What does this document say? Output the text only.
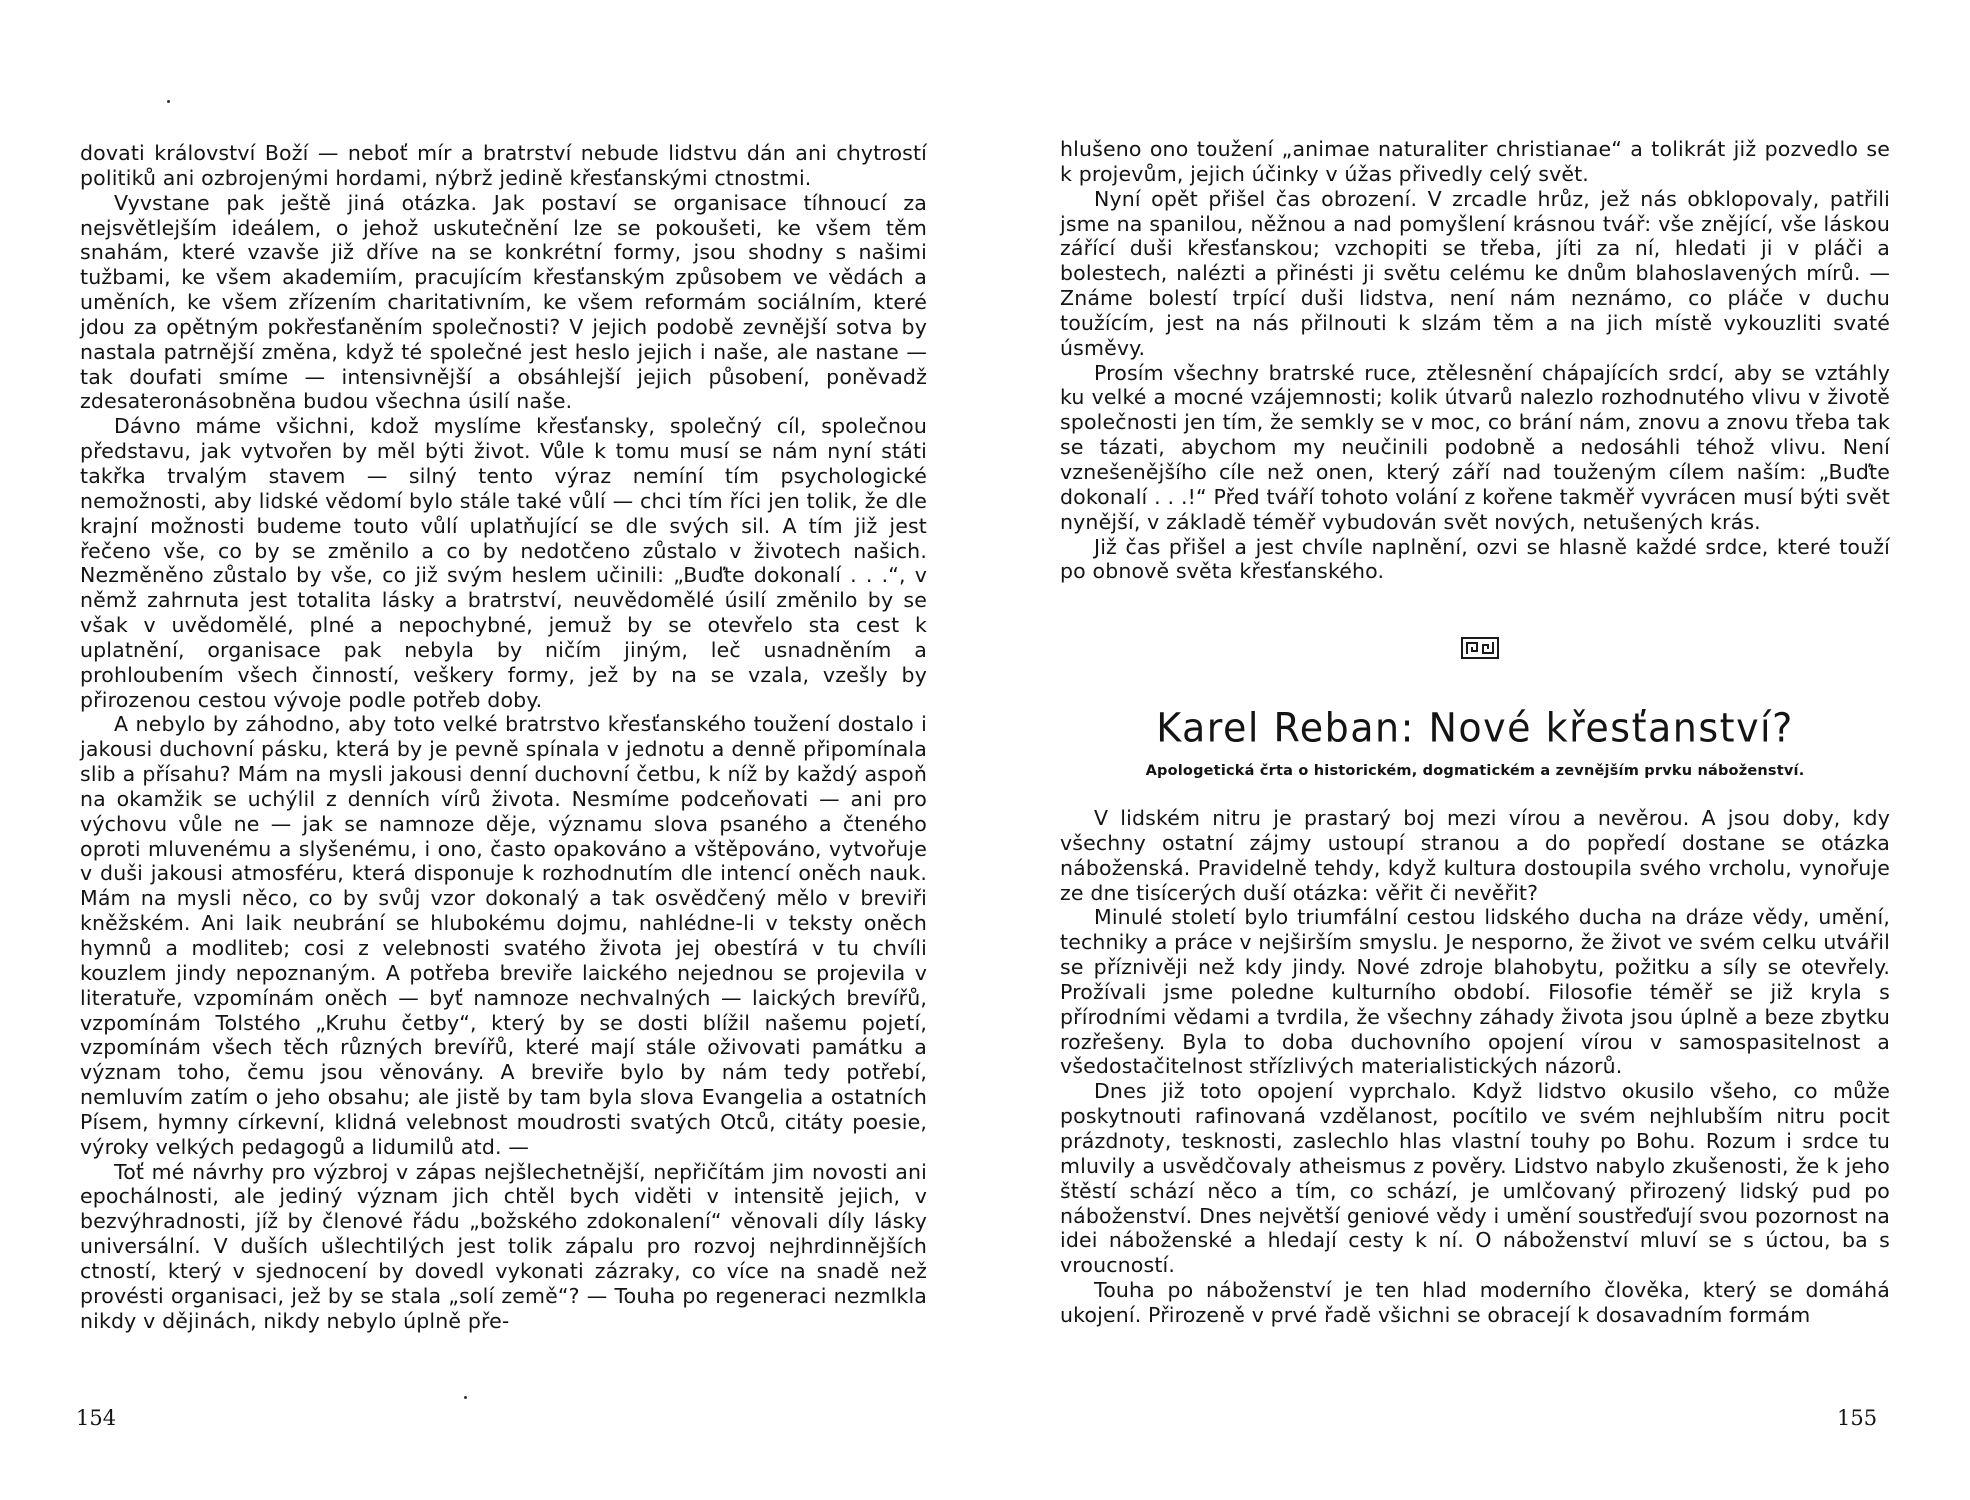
dovati království Boží — neboť mír a bratrství nebude lidstvu dán ani chytrostí politiků ani ozbrojenými hordami, nýbrž jedině křesťanskými ctnostmi.

Vyvstane pak ještě jiná otázka. Jak postaví se organisace tíhnoucí za nejsvětlejším ideálem, o jehož uskutečnění lze se pokoušeti, ke všem těm snahám, které vzavše již dříve na se konkrétní formy, jsou shodny s našimi tužbami, ke všem akademiím, pracujícím křesťanským způsobem ve vědách a uměních, ke všem zřízením charitativním, ke všem reformám sociálním, které jdou za opětným pokřesťaněním společnosti? V jejich podobě zevnější sotva by nastala patrnější změna, když té společné jest heslo jejich i naše, ale nastane — tak doufati smíme — intensivnější a obsáhlejší jejich působení, poněvadž zdesateronásobněna budou všechna úsilí naše.

Dávno máme všichni, kdož myslíme křesťansky, společný cíl, společnou představu, jak vytvořen by měl býti život. Vůle k tomu musí se nám nyní státi takřka trvalým stavem — silný tento výraz nemíní tím psychologické nemožnosti, aby lidské vědomí bylo stále také vůlí — chci tím říci jen tolik, že dle krajní možnosti budeme touto vůlí uplatňující se dle svých sil. A tím již jest řečeno vše, co by se změnilo a co by nedotčeno zůstalo v životech našich. Nezměněno zůstalo by vše, co již svým heslem učinili: „Buďte dokonalí . . .“, v němž zahrnuta jest totalita lásky a bratrství, neuvědomělé úsilí změnilo by se však v uvědomělé, plné a nepochybné, jemuž by se otevřelo sta cest k uplatnění, organisace pak nebyla by ničím jiným, leč usnadněním a prohloubením všech činností, veškery formy, jež by na se vzala, vzešly by přirozenou cestou vývoje podle potřeb doby.

A nebylo by záhodno, aby toto velké bratrstvo křesťanského toužení dostalo i jakousi duchovní pásku, která by je pevně spínala v jednotu a denně připomínala slib a přísahu? Mám na mysli jakousi denní duchovní četbu, k níž by každý aspoň na okamžik se uchýlil z denních vírů života. Nesmíme podceňovati — ani pro výchovu vůle ne — jak se namnoze děje, významu slova psaného a čteného oproti mluvenému a slyšenému, i ono, často opakováno a vštěpováno, vytvořuje v duši jakousi atmosféru, která disponuje k rozhodnutím dle intencí oněch nauk. Mám na mysli něco, co by svůj vzor dokonalý a tak osvědčený mělo v breviři kněžském. Ani laik neubrání se hlubokému dojmu, nahlédne-li v teksty oněch hymnů a modliteb; cosi z velebnosti svatého života jej obestírá v tu chvíli kouzlem jindy nepoznaným. A potřeba breviře laického nejednou se projevila v literatuře, vzpomínám oněch — byť namnoze nechvalných — laických brevířů, vzpomínám Tolstého „Kruhu četby“, který by se dosti blížil našemu pojetí, vzpomínám všech těch různých brevířů, které mají stále oživovati památku a význam toho, čemu jsou věnovány. A breviře bylo by nám tedy potřebí, nemluvím zatím o jeho obsahu; ale jistě by tam byla slova Evangelia a ostatních Písem, hymny církevní, klidná velebnost moudrosti svatých Otců, citáty poesie, výroky velkých pedagogů a lidumilů atd. —

Toť mé návrhy pro výzbroj v zápas nejšlechetnější, nepřičítám jim novosti ani epochálnosti, ale jediný význam jich chtěl bych viděti v intensitě jejich, v bezvýhradnosti, jíž by členové řádu „božského zdokonalení“ věnovali díly lásky universální. V duších ušlechtilých jest tolik zápalu pro rozvoj nejhrdinnějších ctností, který v sjednocení by dovedl vykonati zázraky, co více na snadě než provésti organisaci, jež by se stala „solí země“? — Touha po regeneraci nezmlkla nikdy v dějinách, nikdy nebylo úplně pře-

154

hlušeno ono toužení „animae naturaliter christianae“ a tolikrát již pozvedlo se k projevům, jejich účinky v úžas přivedly celý svět.

Nyní opět přišel čas obrození. V zrcadle hrůz, jež nás obklopovaly, patřili jsme na spanilou, něžnou a nad pomyšlení krásnou tvář: vše znějící, vše láskou zářící duši křesťanskou; vzchopiti se třeba, jíti za ní, hledati ji v pláči a bolestech, nalézti a přinésti ji světu celému ke dnům blahoslavených mírů. — Známe bolestí trpící duši lidstva, není nám neznámo, co pláče v duchu toužícím, jest na nás přilnouti k slzám těm a na jich místě vykouzliti svaté úsměvy.

Prosím všechny bratrské ruce, ztělesnění chápajících srdcí, aby se vztáhly ku velké a mocné vzájemnosti; kolik útvarů nalezlo rozhodnutého vlivu v životě společnosti jen tím, že semkly se v moc, co brání nám, znovu a znovu třeba tak se tázati, abychom my neučinili podobně a nedosáhli téhož vlivu. Není vznešenějšího cíle než onen, který září nad touženým cílem naším: „Buďte dokonalí . . .!“ Před tváří tohoto volání z kořene takměř vyvrácen musí býti svět nynější, v základě téměř vybudován svět nových, netušených krás.

Již čas přišel a jest chvíle naplnění, ozvi se hlasně každé srdce, které touží po obnově světa křesťanského.

Karel Reban: Nové křesťanství?
Apologetická črta o historickém, dogmatickém a zevnějším prvku náboženství.

V lidském nitru je prastarý boj mezi vírou a nevěrou. A jsou doby, kdy všechny ostatní zájmy ustoupí stranou a do popředí dostane se otázka náboženská. Pravidelně tehdy, když kultura dostoupila svého vrcholu, vynořuje ze dne tisícerých duší otázka: věřit či nevěřit?

Minulé století bylo triumfální cestou lidského ducha na dráze vědy, umění, techniky a práce v nejširším smyslu. Je nesporno, že život ve svém celku utvářil se příznivěji než kdy jindy. Nové zdroje blahobytu, požitku a síly se otevřely. Prožívali jsme poledne kulturního období. Filosofie téměř se již kryla s přírodními vědami a tvrdila, že všechny záhady života jsou úplně a beze zbytku rozřešeny. Byla to doba duchovního opojení vírou v samospasitelnost a všedostačitelnost střízlivých materialistických názorů.

Dnes již toto opojení vyprchalo. Když lidstvo okusilo všeho, co může poskytnouti rafinovaná vzdělanost, pocítilo ve svém nejhlubším nitru pocit prázdnoty, tesknosti, zaslechlo hlas vlastní touhy po Bohu. Rozum i srdce tu mluvily a usvědčovaly atheismus z pověry. Lidstvo nabylo zkušenosti, že k jeho štěstí schází něco a tím, co schází, je umlčovaný přirozený lidský pud po náboženství. Dnes největší geniové vědy i umění soustřeďují svou pozornost na idei náboženské a hledají cesty k ní. O náboženství mluví se s úctou, ba s vroucností.

Touha po náboženství je ten hlad moderního člověka, který se domáhá ukojení. Přirozeně v prvé řadě všichni se obracejí k dosavadním formám

155
